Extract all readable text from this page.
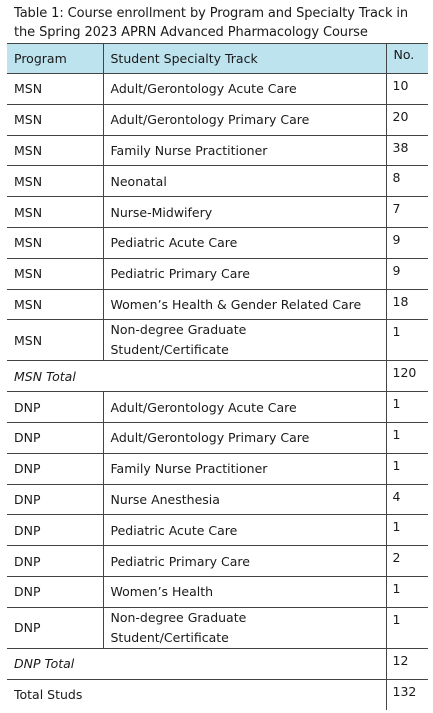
Table 1: Course enrollment by Program and Specialty Track in
the Spring 2023 APRN Advanced Pharmacology Course
Program	Student Specialty Track	No.
MSN	Adult/Gerontology Acute Care	10
MSN	Adult/Gerontology Primary Care	20
MSN	Family Nurse Practitioner	38
MSN	Neonatal	8
MSN	Nurse-Midwifery	7
MSN	Pediatric Acute Care	9
MSN	Pediatric Primary Care	9
MSN	Women’s Health & Gender Related Care	18
MSN	Non-degree Graduate
Student/Certificate	1
MSN Total		120
DNP	Adult/Gerontology Acute Care	1
DNP	Adult/Gerontology Primary Care	1
DNP	Family Nurse Practitioner	1
DNP	Nurse Anesthesia	4
DNP	Pediatric Acute Care	1
DNP	Pediatric Primary Care	2
DNP	Women’s Health	1
DNP	Non-degree Graduate
Student/Certificate	1
DNP Total		12
Total Studs		132
